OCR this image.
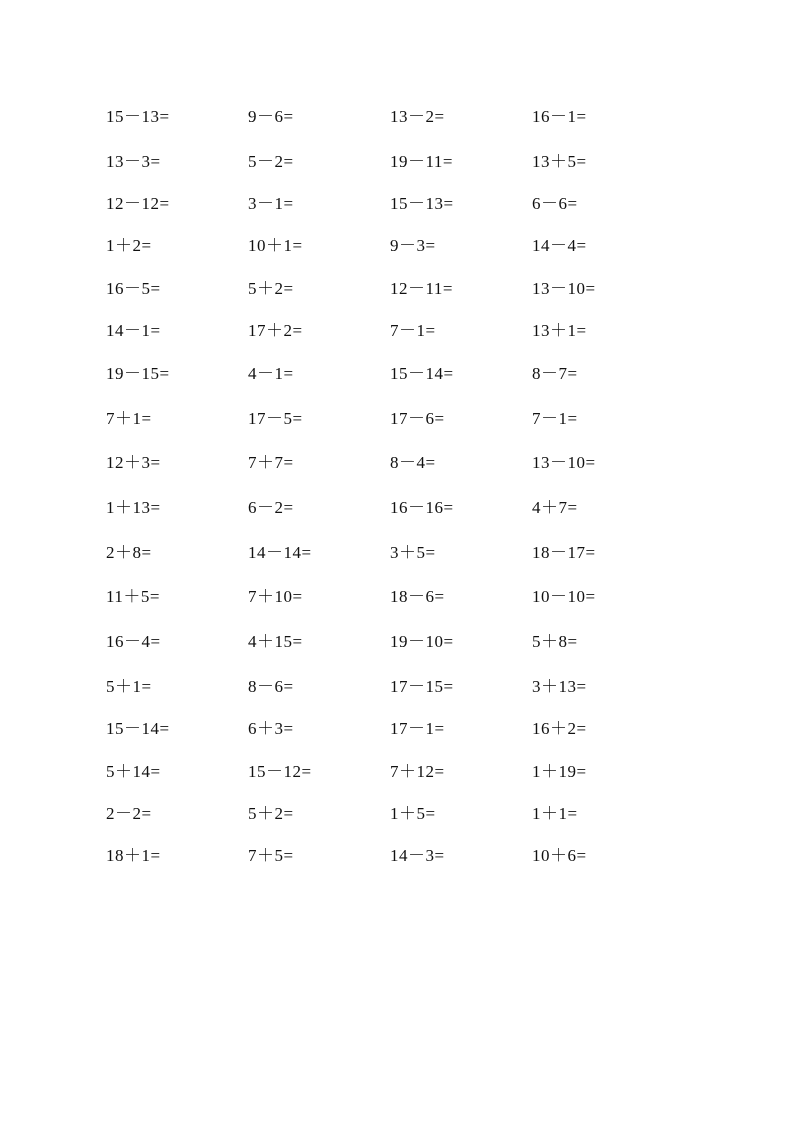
15－13=	9－6=	13－2=	16－1=
13－3=	5－2=	19－11=	13＋5=
12－12=	3－1=	15－13=	6－6=
1＋2=	10＋1=	9－3=	14－4=
16－5=	5＋2=	12－11=	13－10=
14－1=	17＋2=	7－1=	13＋1=
19－15=	4－1=	15－14=	8－7=
7＋1=	17－5=	17－6=	7－1=
12＋3=	7＋7=	8－4=	13－10=
1＋13=	6－2=	16－16=	4＋7=
2＋8=	14－14=	3＋5=	18－17=
11＋5=	7＋10=	18－6=	10－10=
16－4=	4＋15=	19－10=	5＋8=
5＋1=	8－6=	17－15=	3＋13=
15－14=	6＋3=	17－1=	16＋2=
5＋14=	15－12=	7＋12=	1＋19=
2－2=	5＋2=	1＋5=	1＋1=
18＋1=	7＋5=	14－3=	10＋6=
